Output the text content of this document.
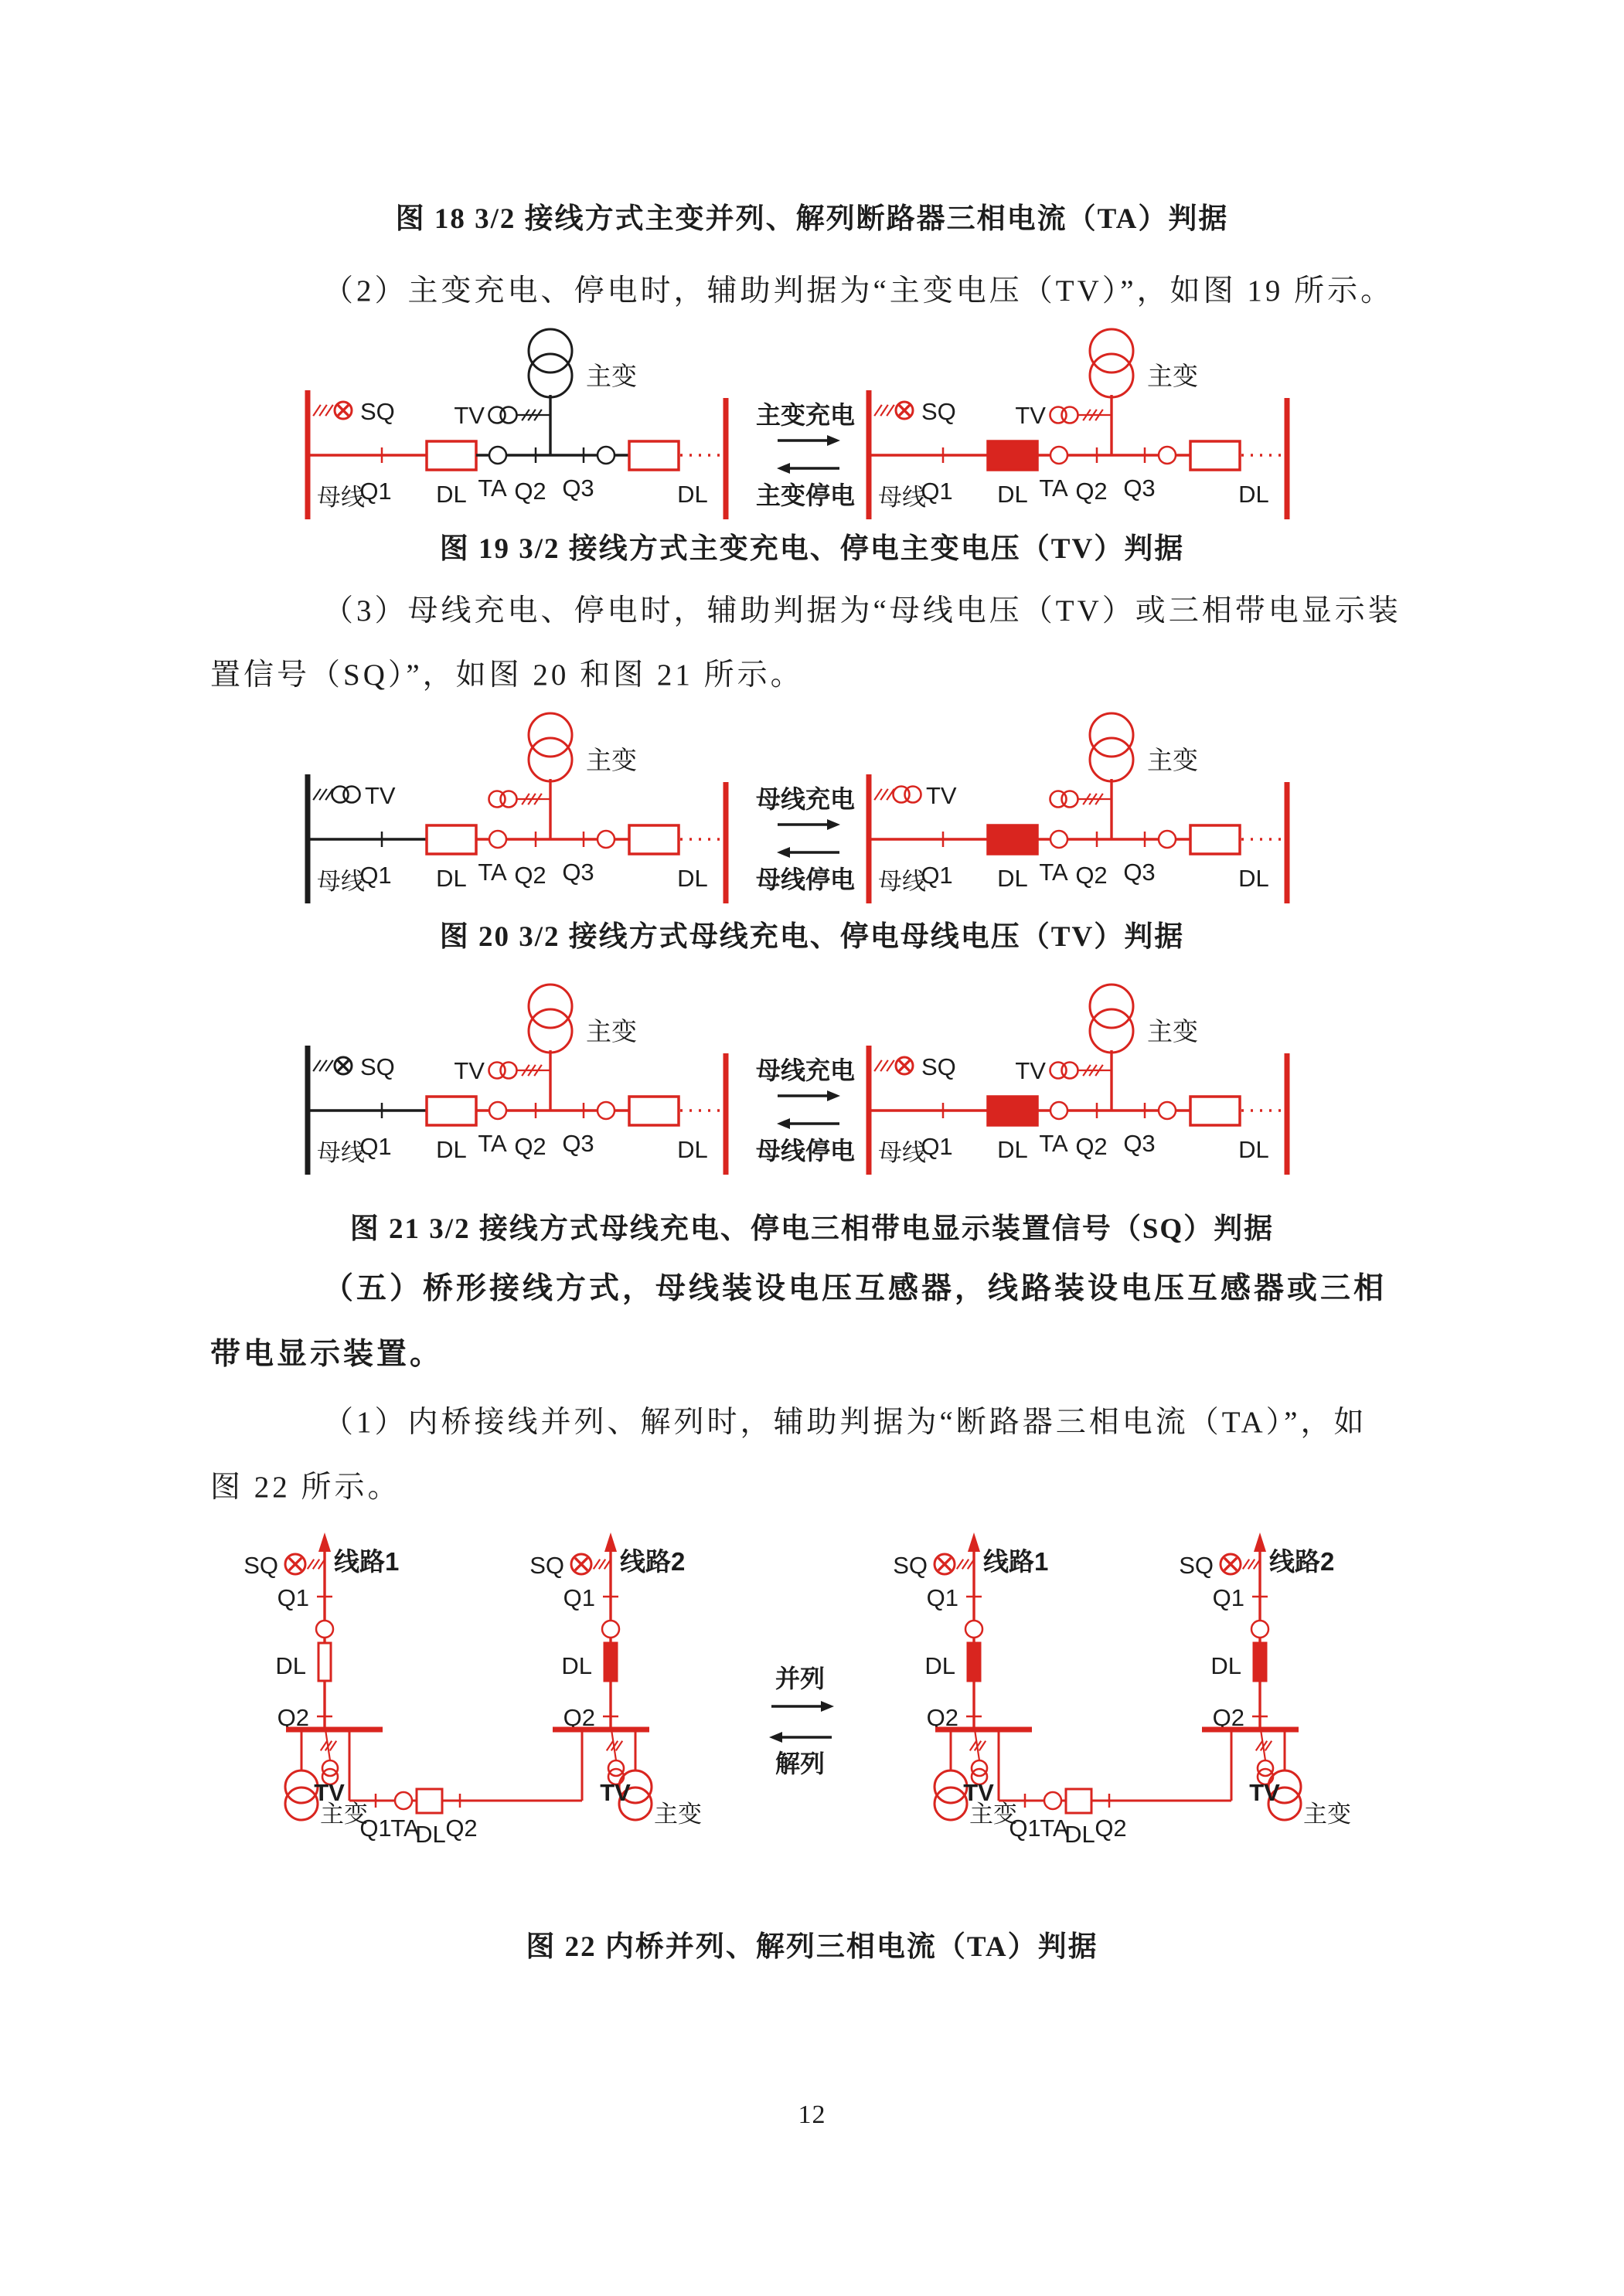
图 18 3/2 接线方式主变并列、解列断路器三相电流（TA）判据
（2）主变充电、停电时，辅助判据为“主变电压（TV）”，如图 19 所示。
SQ
母线
Q1 DL TA Q2
主变
TV
Q3	DL
主变充电
主变停电
SQ
母线
Q1 DL TA Q2
主变
TV
Q3	DL
图 19 3/2 接线方式主变充电、停电主变电压（TV）判据
（3）母线充电、停电时，辅助判据为“母线电压（TV）或三相带电显示装
置信号（SQ）”，如图 20 和图 21 所示。
TV
母线
Q1 DL TA Q2
主变
Q3	DL
母线充电
母线停电
TV
母线
Q1 DL TA Q2
主变
Q3	DL
图 20 3/2 接线方式母线充电、停电母线电压（TV）判据
SQ
母线
Q1 DL TA Q2
主变
TV
Q3	DL
母线充电
母线停电
SQ
母线
Q1 DL TA Q2
主变
TV
Q3	DL
图 21 3/2 接线方式母线充电、停电三相带电显示装置信号（SQ）判据
（五）桥形接线方式，母线装设电压互感器，线路装设电压互感器或三相
带电显示装置。
（1）内桥接线并列、解列时，辅助判据为“断路器三相电流（TA）”，如
图 22 所示。
线路1
SQ
Q1
DL
Q2
主变
TV
线路2
SQ
Q1
DL
Q2
主变
TV
Q1
TA
DL Q2
并列
解列
线路1
SQ
Q1
DL
Q2
主变
TV
线路2
SQ
Q1
DL
Q2
主变
TV
Q1
TA
DL Q2
图 22 内桥并列、解列三相电流（TA）判据
12
